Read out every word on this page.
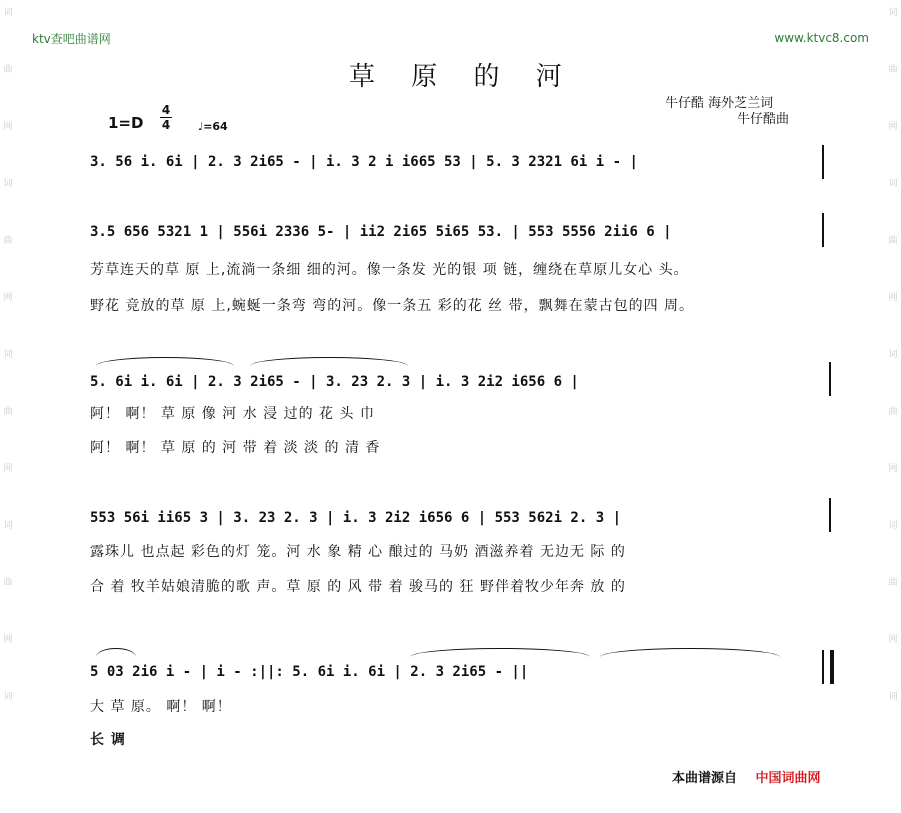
词
曲
网
词
曲
网
词
曲
网
词
曲
网
词
词
曲
网
词
曲
网
词
曲
网
词
曲
网
词
ktv查吧曲谱网	www.ktvc8.com
草 原 的 河
牛仔酷 海外芝兰词
牛仔酷曲
1=D
4
4	♩=64
3. 56 i. 6i | 2. 3 2i65 - | i. 3 2 i i665 53 | 5. 3 2321 6i i - |
3.5 656 5321 1 | 556i 2336 5- | ii2 2i65 5i65 53. | 553 5556 2ii6 6 |
芳草连天的草 原 上,流淌一条细 细的河。像一条发 光的银 项 链，缠绕在草原儿女心 头。
野花 竞放的草 原 上,蜿蜒一条弯 弯的河。像一条五 彩的花 丝 带，飘舞在蒙古包的四 周。
5. 6i i. 6i | 2. 3 2i65 - | 3. 23 2. 3 | i. 3 2i2 i656 6 |
阿！ 啊！ 草 原 像 河 水 浸 过的 花 头 巾
阿！ 啊！ 草 原 的 河 带 着 淡 淡 的 清 香
553 56i ii65 3 | 3. 23 2. 3 | i. 3 2i2 i656 6 | 553 562i 2. 3 |
露珠儿 也点起 彩色的灯 笼。河 水 象 精 心 酿过的 马奶 酒滋养着 无边无 际 的
合 着 牧羊姑娘清脆的歌 声。草 原 的 风 带 着 骏马的 狂 野伴着牧少年奔 放 的
5 03 2i6 i - | i - :||: 5. 6i i. 6i | 2. 3 2i65 - ||
大 草 原。 啊！ 啊！
长 调
本曲谱源自 中国词曲网
